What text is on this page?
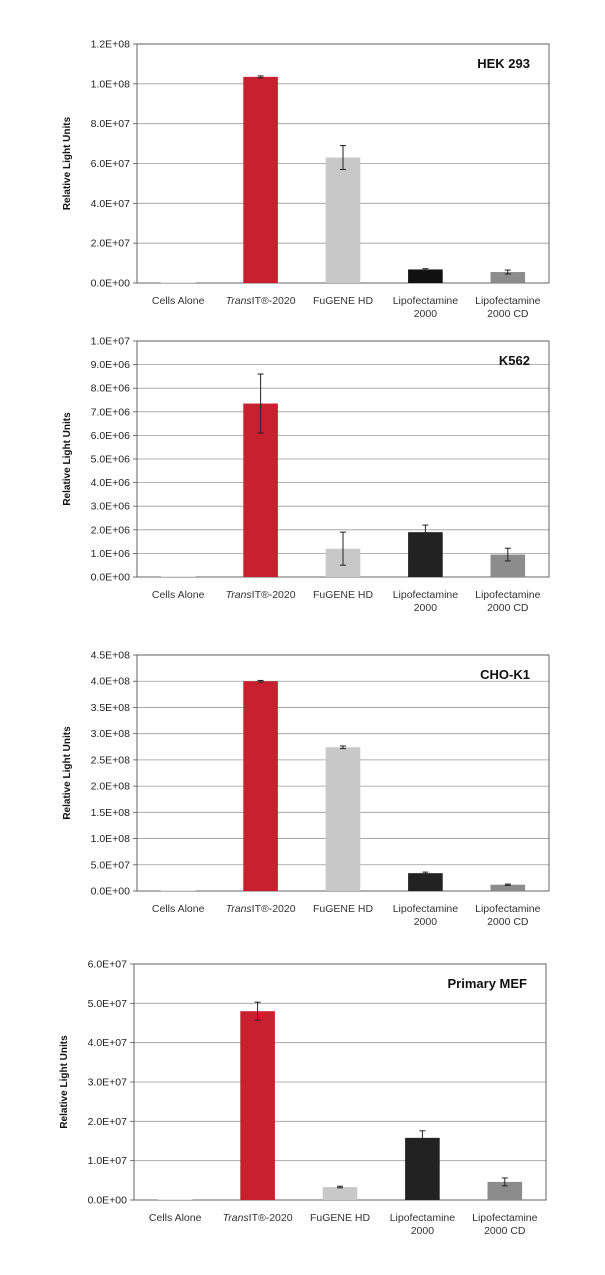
0.0E+00
2.0E+07
4.0E+07
6.0E+07
8.0E+07
1.0E+08
1.2E+08
Cells Alone TransIT®-2020 FuGENE HD Lipofectamine
2000
Lipofectamine
2000 CD
HEK 293
Relative Light Units
0.0E+00
1.0E+06
2.0E+06
3.0E+06
4.0E+06
5.0E+06
6.0E+06
7.0E+06
8.0E+06
9.0E+06
1.0E+07
Cells Alone TransIT®-2020 FuGENE HD Lipofectamine
2000
Lipofectamine
2000 CD
K562
Relative Light Units
0.0E+00
5.0E+07
1.0E+08
1.5E+08
2.0E+08
2.5E+08
3.0E+08
3.5E+08
4.0E+08
4.5E+08
Cells Alone TransIT®-2020 FuGENE HD Lipofectamine
2000
Lipofectamine
2000 CD
CHO-K1
Relative Light Units
0.0E+00
1.0E+07
2.0E+07
3.0E+07
4.0E+07
5.0E+07
6.0E+07
Cells Alone TransIT®-2020 FuGENE HD Lipofectamine
2000
Lipofectamine
2000 CD
Primary MEF
Relative Light Units
